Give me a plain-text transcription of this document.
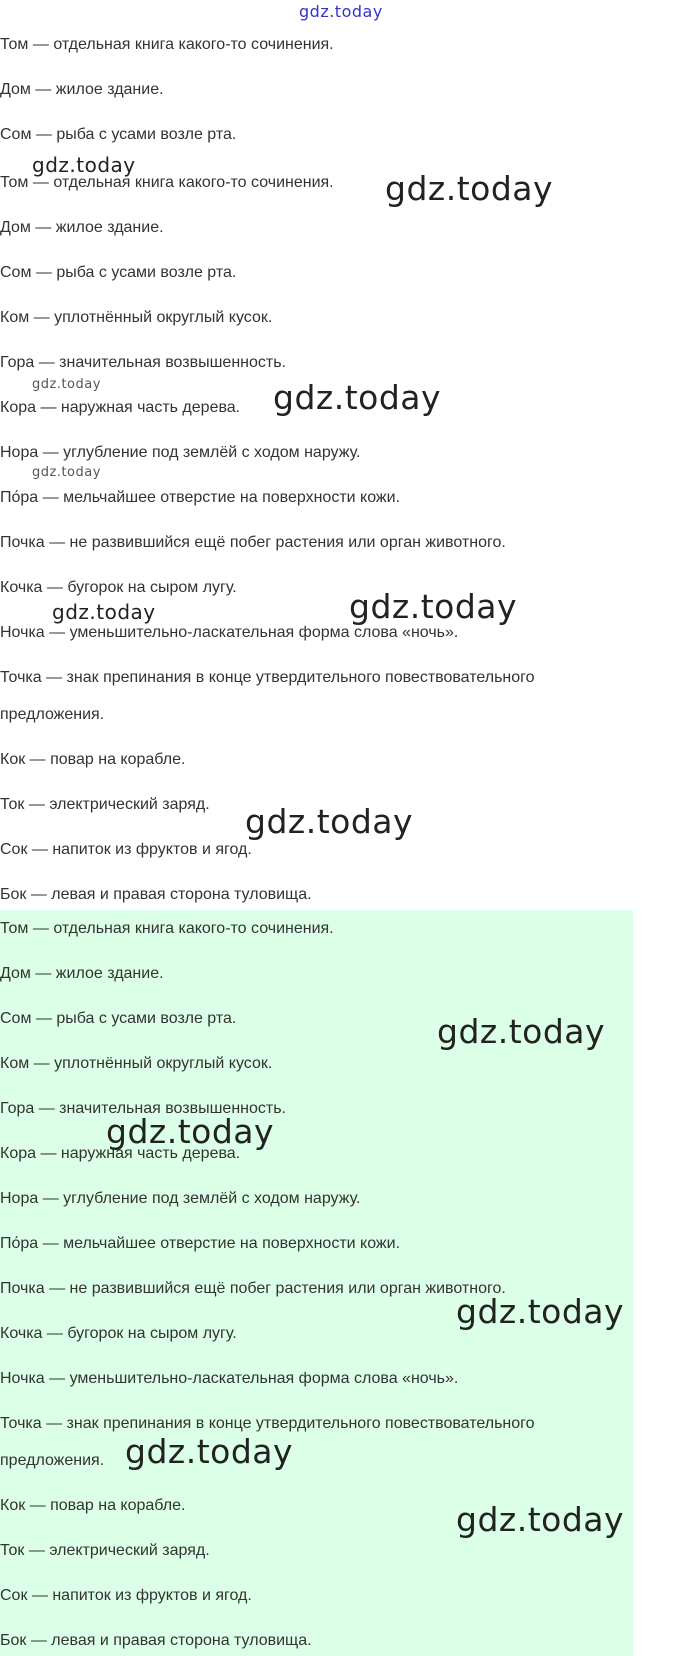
Том — отдельная книга какого-то сочинения.
Дом — жилое здание.
Сом — рыба с усами возле рта.
Том — отдельная книга какого-то сочинения.
Дом — жилое здание.
Сом — рыба с усами возле рта.
Ком — уплотнённый округлый кусок.
Гора — значительная возвышенность.
Кора — наружная часть дерева.
Нора — углубление под землёй с ходом наружу.
По́ра — мельчайшее отверстие на поверхности кожи.
Почка — не развившийся ещё побег растения или орган животного.
Кочка — бугорок на сыром лугу.
Ночка — уменьшительно-ласкательная форма слова «ночь».
Точка — знак препинания в конце утвердительного повествовательного
предложения.
Кок — повар на корабле.
Ток — электрический заряд.
Сок — напиток из фруктов и ягод.
Бок — левая и правая сторона туловища.
Том — отдельная книга какого-то сочинения.
Дом — жилое здание.
Сом — рыба с усами возле рта.
Ком — уплотнённый округлый кусок.
Гора — значительная возвышенность.
Кора — наружная часть дерева.
Нора — углубление под землёй с ходом наружу.
По́ра — мельчайшее отверстие на поверхности кожи.
Почка — не развившийся ещё побег растения или орган животного.
Кочка — бугорок на сыром лугу.
Ночка — уменьшительно-ласкательная форма слова «ночь».
Точка — знак препинания в конце утвердительного повествовательного
предложения.
Кок — повар на корабле.
Ток — электрический заряд.
Сок — напиток из фруктов и ягод.
Бок — левая и правая сторона туловища.
gdz.today
gdz.today
gdz.today
gdz.today	gdz.today
gdz.today
gdz.today	gdz.today
gdz.today
gdz.today
gdz.today
gdz.today
gdz.today
gdz.today
